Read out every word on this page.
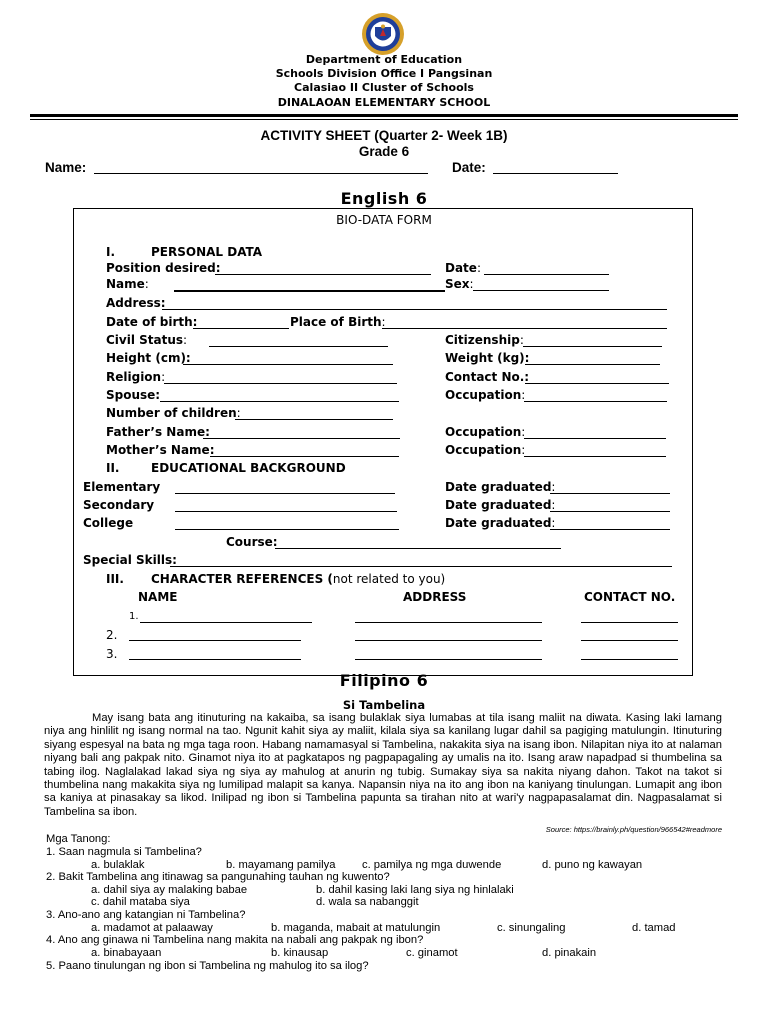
Department of Education
Schools Division Office I Pangsinan
Calasiao II Cluster of Schools
DINALAOAN ELEMENTARY SCHOOL
ACTIVITY SHEET (Quarter 2- Week 1B)
Grade 6
Name:	Date:
English 6
BIO-DATA FORM
I.	PERSONAL DATA
Position desired:	Date:
Name:	Sex:
Address:
Date of birth:	Place of Birth:
Civil Status:	Citizenship:
Height (cm):	Weight (kg):
Religion:	Contact No.:
Spouse:	Occupation:
Number of children:
Father’s Name:	Occupation:
Mother’s Name:	Occupation:
II.	EDUCATIONAL BACKGROUND
Elementary	Date graduated:
Secondary	Date graduated:
College	Date graduated:
Course:
Special Skills:
III. CHARACTER REFERENCES (not related to you)
NAME	ADDRESS	CONTACT NO.
1.
2.
3.
Filipino 6
Si Tambelina

May isang bata ang itinuturing na kakaiba, sa isang bulaklak siya lumabas at tila isang maliit na diwata. Kasing laki lamang niya ang hinlilit ng isang normal na tao. Ngunit kahit siya ay maliit, kilala siya sa kanilang lugar dahil sa pagiging matulungin. Itinuturing siyang espesyal na bata ng mga taga roon. Habang namamasyal si Tambelina, nakakita siya na isang ibon. Nilapitan niya ito at nalaman niyang bali ang pakpak nito. Ginamot niya ito at pagkatapos ng pagpapagaling ay umalis na ito. Isang araw napadpad si thumbelina sa tabing ilog. Naglalakad lakad siya ng siya ay mahulog at anurin ng tubig. Sumakay siya sa nakita niyang dahon. Takot na takot si thumbelina nang makakita siya ng lumilipad malapit sa kanya. Napansin niya na ito ang ibon na kaniyang tinulungan. Lumapit ang ibon sa kaniya at pinasakay sa likod. Inilipad ng ibon si Tambelina papunta sa tirahan nito at wari'y nagpapasalamat din. Nagpasalamat si Tambelina sa ibon.

Source: https://brainly.ph/question/966542#readmore
Mga Tanong:
1. Saan nagmula si Tambelina?
a. bulaklak	b. mayamang pamilya c. pamilya ng mga duwende	d. puno ng kawayan
2. Bakit Tambelina ang itinawag sa pangunahing tauhan ng kuwento?
a. dahil siya ay malaking babae	b. dahil kasing laki lang siya ng hinlalaki
c. dahil mataba siya	d. wala sa nabanggit
3. Ano-ano ang katangian ni Tambelina?
a. madamot at palaaway	b. maganda, mabait at matulungin	c. sinungaling	d. tamad
4. Ano ang ginawa ni Tambelina nang makita na nabali ang pakpak ng ibon?
a. binabayaan	b. kinausap	c. ginamot	d. pinakain
5. Paano tinulungan ng ibon si Tambelina ng mahulog ito sa ilog?
